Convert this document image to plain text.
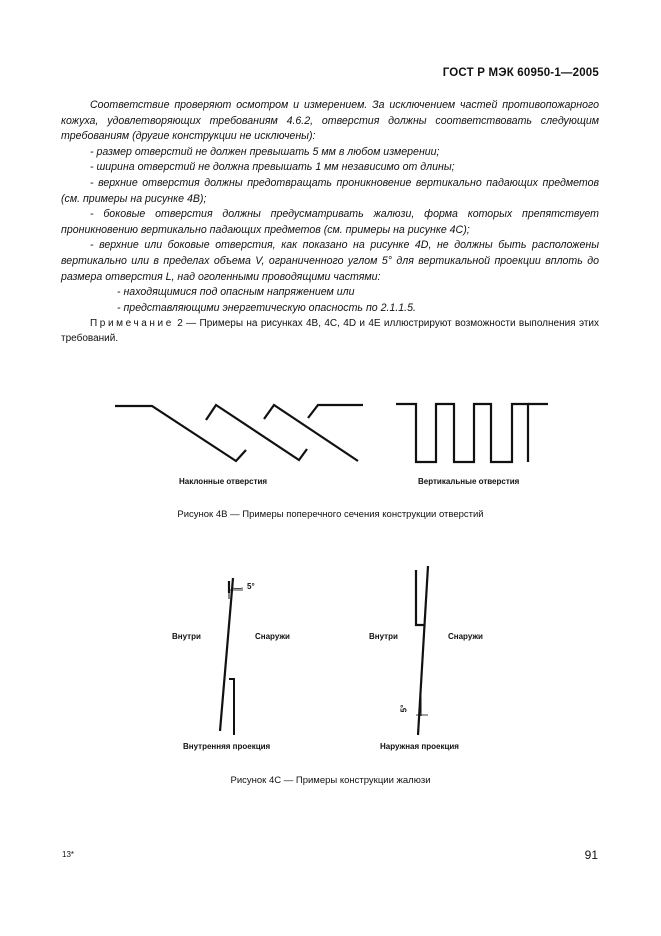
ГОСТ Р МЭК 60950-1—2005

Соответствие проверяют осмотром и измерением. За исключением частей противопожарного кожуха, удовлетворяющих требованиям 4.6.2, отверстия должны соответствовать следующим требованиям (другие конструкции не исключены):

- размер отверстий не должен превышать 5 мм в любом измерении;

- ширина отверстий не должна превышать 1 мм независимо от длины;

- верхние отверстия должны предотвращать проникновение вертикально падающих предметов (см. примеры на рисунке 4В);

- боковые отверстия должны предусматривать жалюзи, форма которых препятствует проникновению вертикально падающих предметов (см. примеры на рисунке 4С);

- верхние или боковые отверстия, как показано на рисунке 4D, не должны быть расположены вертикально или в пределах объема V, ограниченного углом 5° для вертикальной проекции вплоть до размера отверстия L, над оголенными проводящими частями:

- находящимися под опасным напряжением или

- представляющими энергетическую опасность по 2.1.1.5.

Примечание 2 — Примеры на рисунках 4В, 4С, 4D и 4Е иллюстрируют возможности выполнения этих требований.
Наклонные отверстия	Вертикальные отверстия
Рисунок 4В — Примеры поперечного сечения конструкции отверстий
5°
Внутри	Снаружи
Внутренняя проекция
Внутри	Снаружи
5°
Наружная проекция
Рисунок 4С — Примеры конструкции жалюзи
13*	91
